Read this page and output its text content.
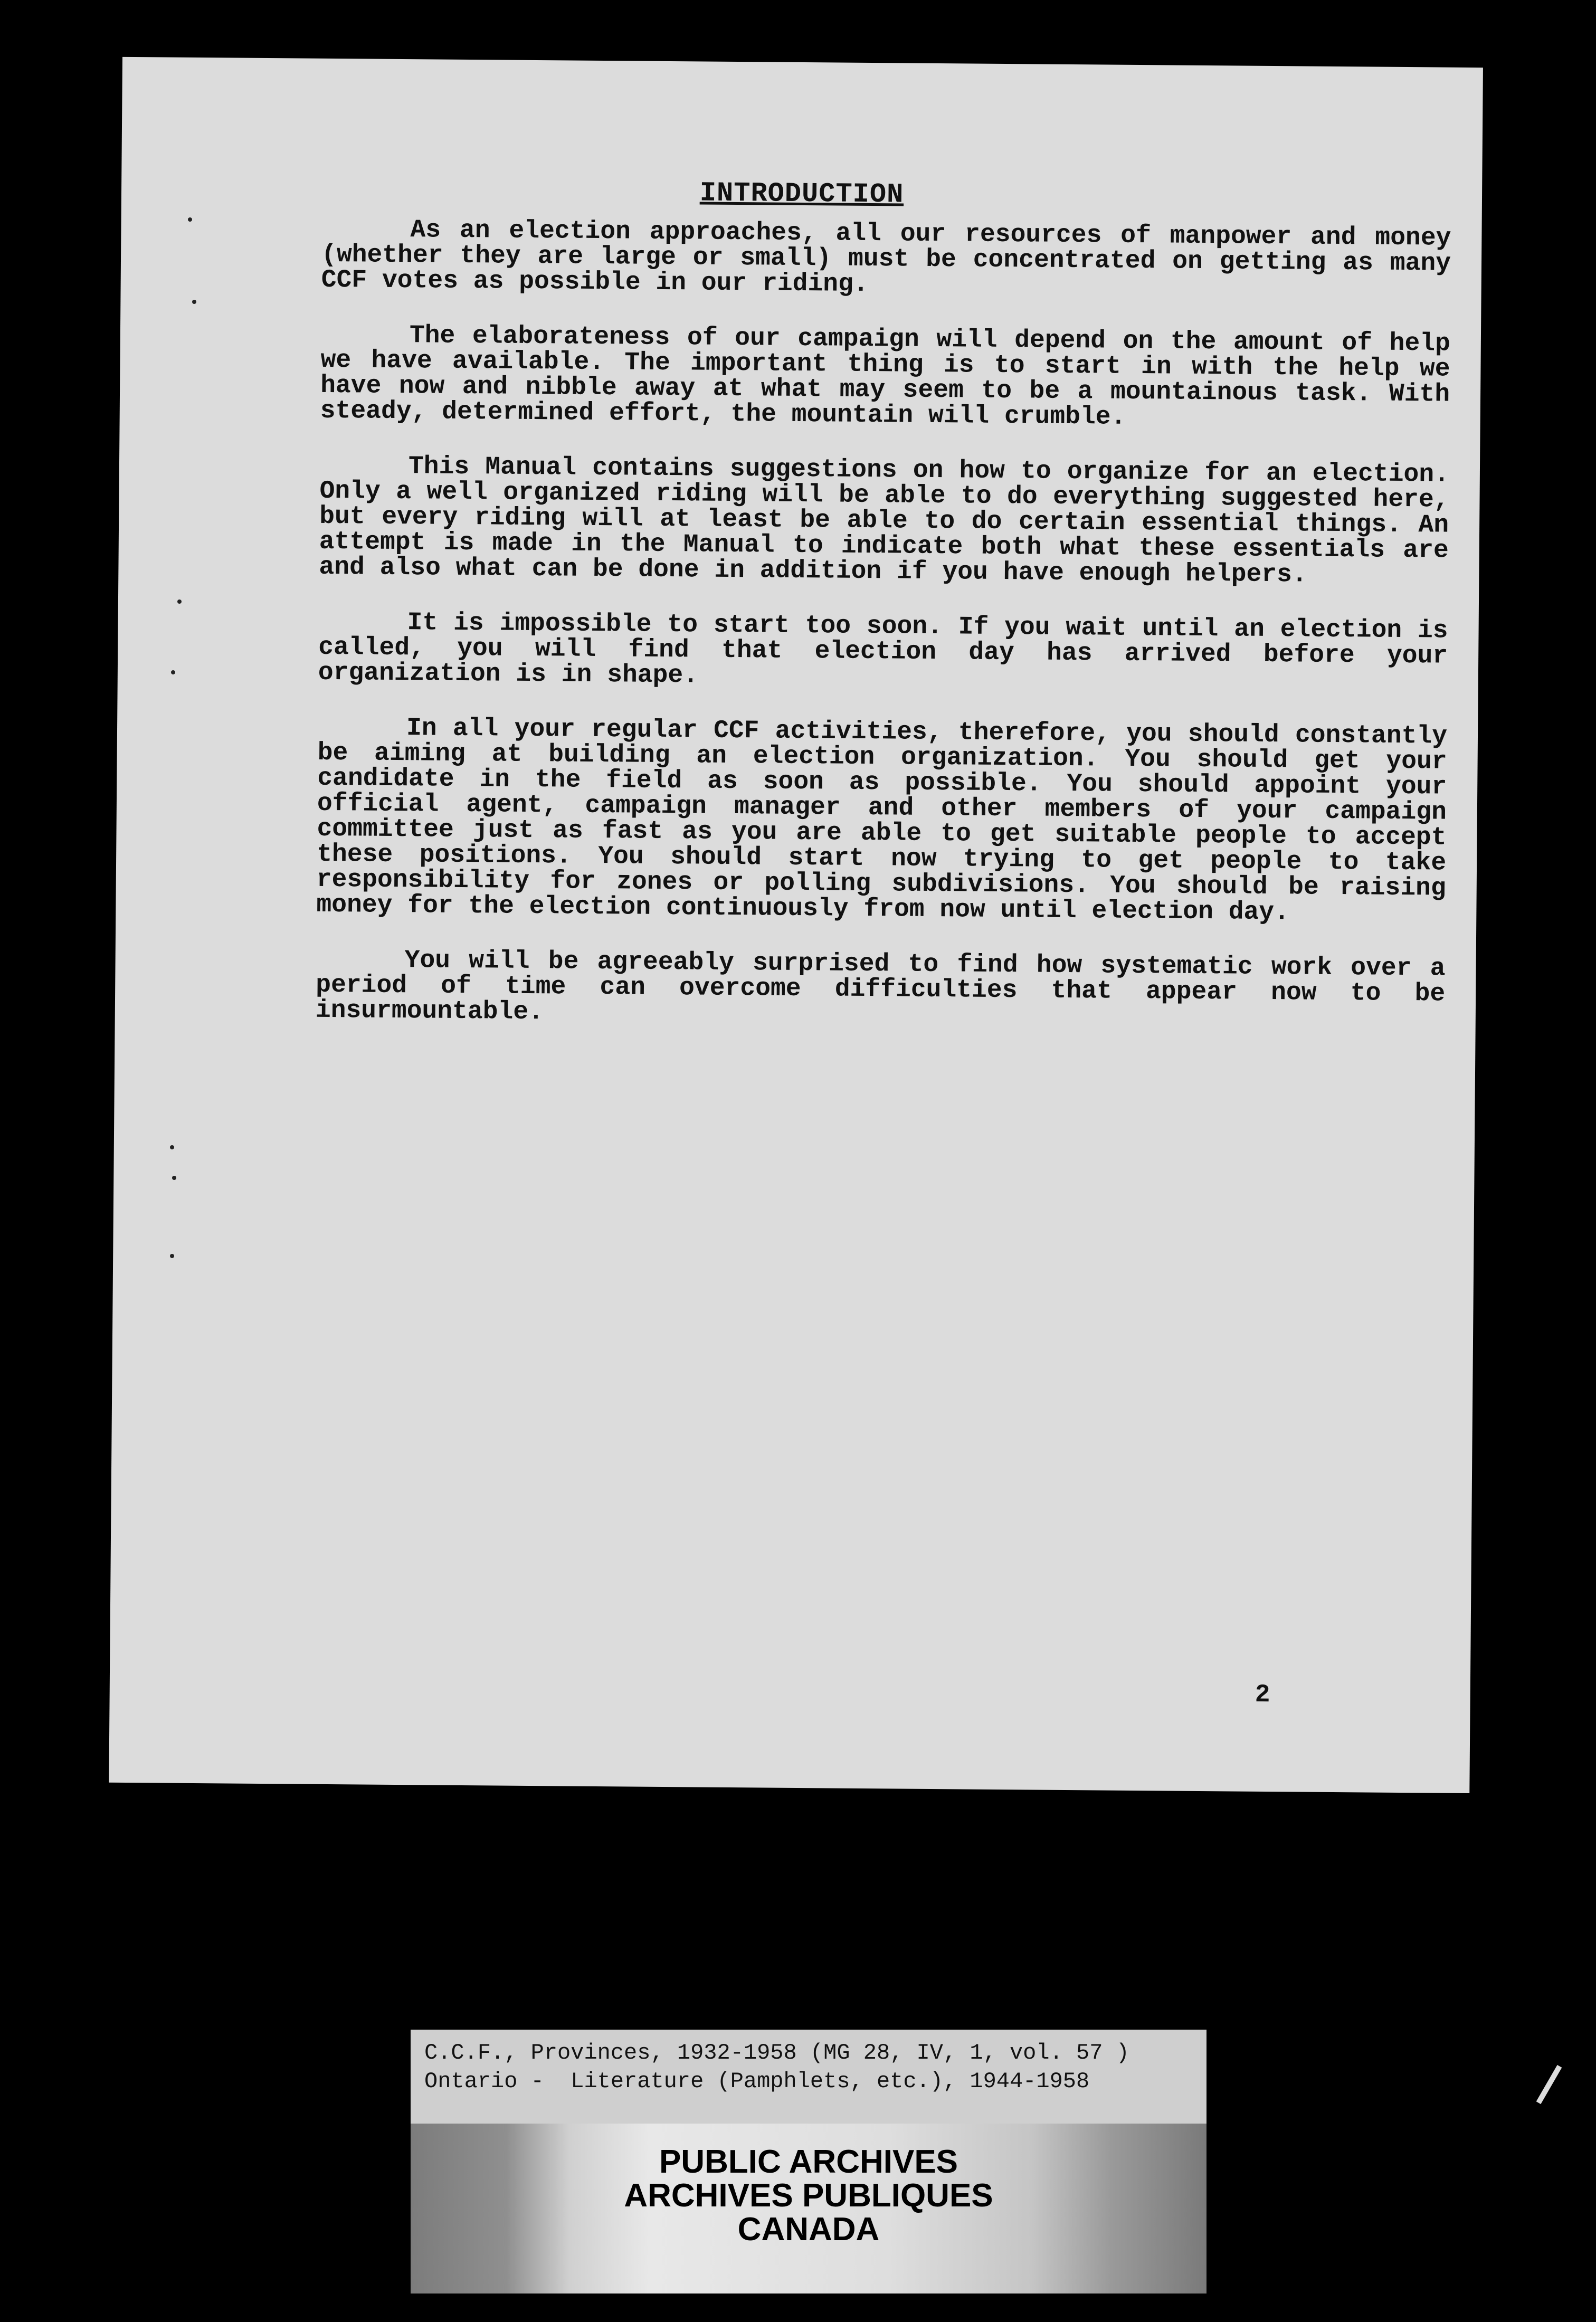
INTRODUCTION

As an election approaches, all our resources of manpower and money (whether they are large or small) must be concentrated on getting as many CCF votes as possible in our riding.

The elaborateness of our campaign will depend on the amount of help we have available. The important thing is to start in with the help we have now and nibble away at what may seem to be a mountainous task. With steady, determined effort, the mountain will crumble.

This Manual contains suggestions on how to organize for an election. Only a well organized riding will be able to do everything suggested here, but every riding will at least be able to do certain essential things. An attempt is made in the Manual to indicate both what these essentials are and also what can be done in addition if you have enough helpers.

It is impossible to start too soon. If you wait until an election is called, you will find that election day has arrived before your organization is in shape.

In all your regular CCF activities, therefore, you should constantly be aiming at building an election organization. You should get your candidate in the field as soon as possible. You should appoint your official agent, campaign manager and other members of your campaign committee just as fast as you are able to get suitable people to accept these positions. You should start now trying to get people to take responsibility for zones or polling subdivisions. You should be raising money for the election continuously from now until election day.

You will be agreeably surprised to find how systematic work over a period of time can overcome difficulties that appear now to be insurmountable.

2
C.C.F., Provinces, 1932-1958 (MG 28, IV, 1, vol. 57 )
Ontario -  Literature (Pamphlets, etc.), 1944-1958
PUBLIC ARCHIVES
ARCHIVES PUBLIQUES
CANADA
